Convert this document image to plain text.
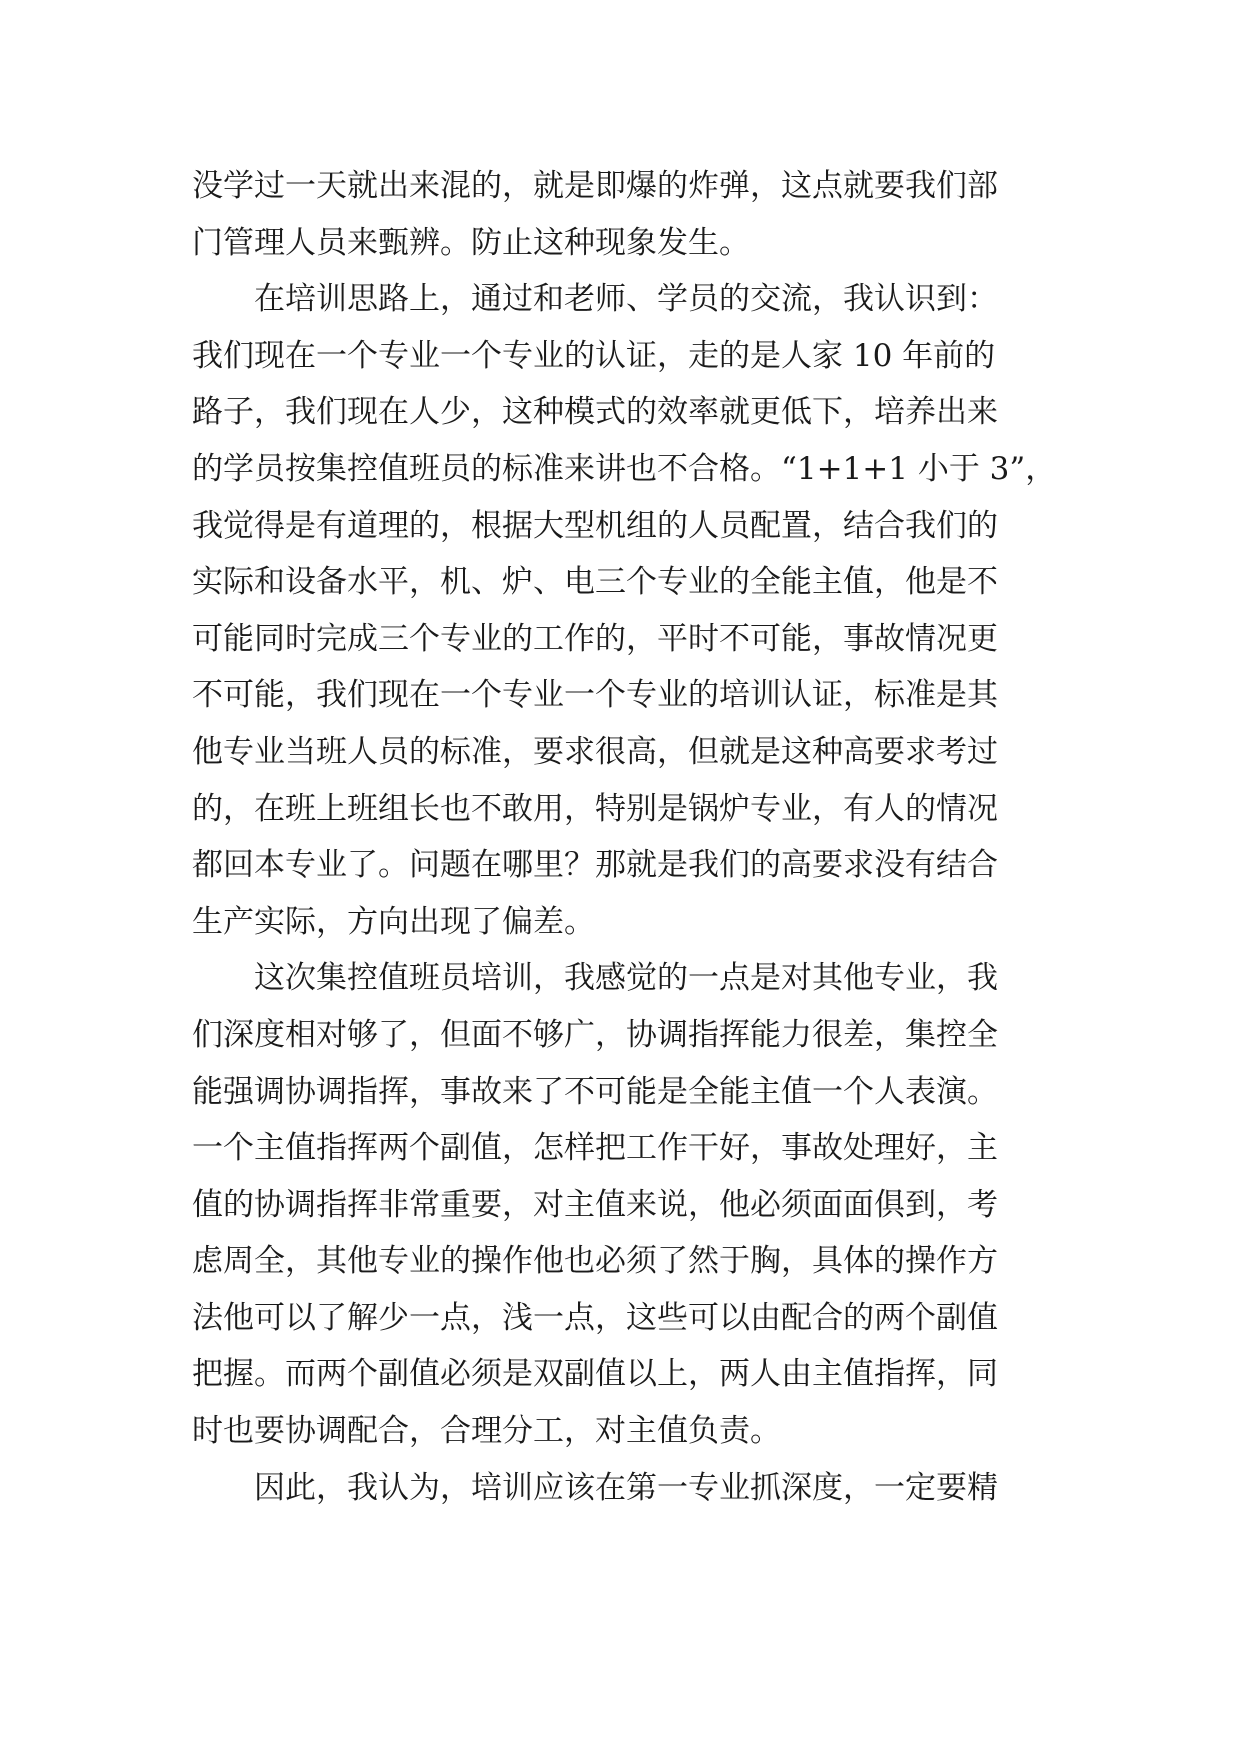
没学过一天就出来混的，就是即爆的炸弹，这点就要我们部
门管理人员来甄辨。防止这种现象发生。
在培训思路上，通过和老师、学员的交流，我认识到：
我们现在一个专业一个专业的认证，走的是人家 10 年前的
路子，我们现在人少，这种模式的效率就更低下，培养出来
的学员按集控值班员的标准来讲也不合格。“1+1+1 小于 3”，
我觉得是有道理的，根据大型机组的人员配置，结合我们的
实际和设备水平，机、炉、电三个专业的全能主值，他是不
可能同时完成三个专业的工作的，平时不可能，事故情况更
不可能，我们现在一个专业一个专业的培训认证，标准是其
他专业当班人员的标准，要求很高，但就是这种高要求考过
的，在班上班组长也不敢用，特别是锅炉专业，有人的情况
都回本专业了。问题在哪里？那就是我们的高要求没有结合
生产实际，方向出现了偏差。
这次集控值班员培训，我感觉的一点是对其他专业，我
们深度相对够了，但面不够广，协调指挥能力很差，集控全
能强调协调指挥，事故来了不可能是全能主值一个人表演。
一个主值指挥两个副值，怎样把工作干好，事故处理好，主
值的协调指挥非常重要，对主值来说，他必须面面俱到，考
虑周全，其他专业的操作他也必须了然于胸，具体的操作方
法他可以了解少一点，浅一点，这些可以由配合的两个副值
把握。而两个副值必须是双副值以上，两人由主值指挥，同
时也要协调配合，合理分工，对主值负责。
因此，我认为，培训应该在第一专业抓深度，一定要精
